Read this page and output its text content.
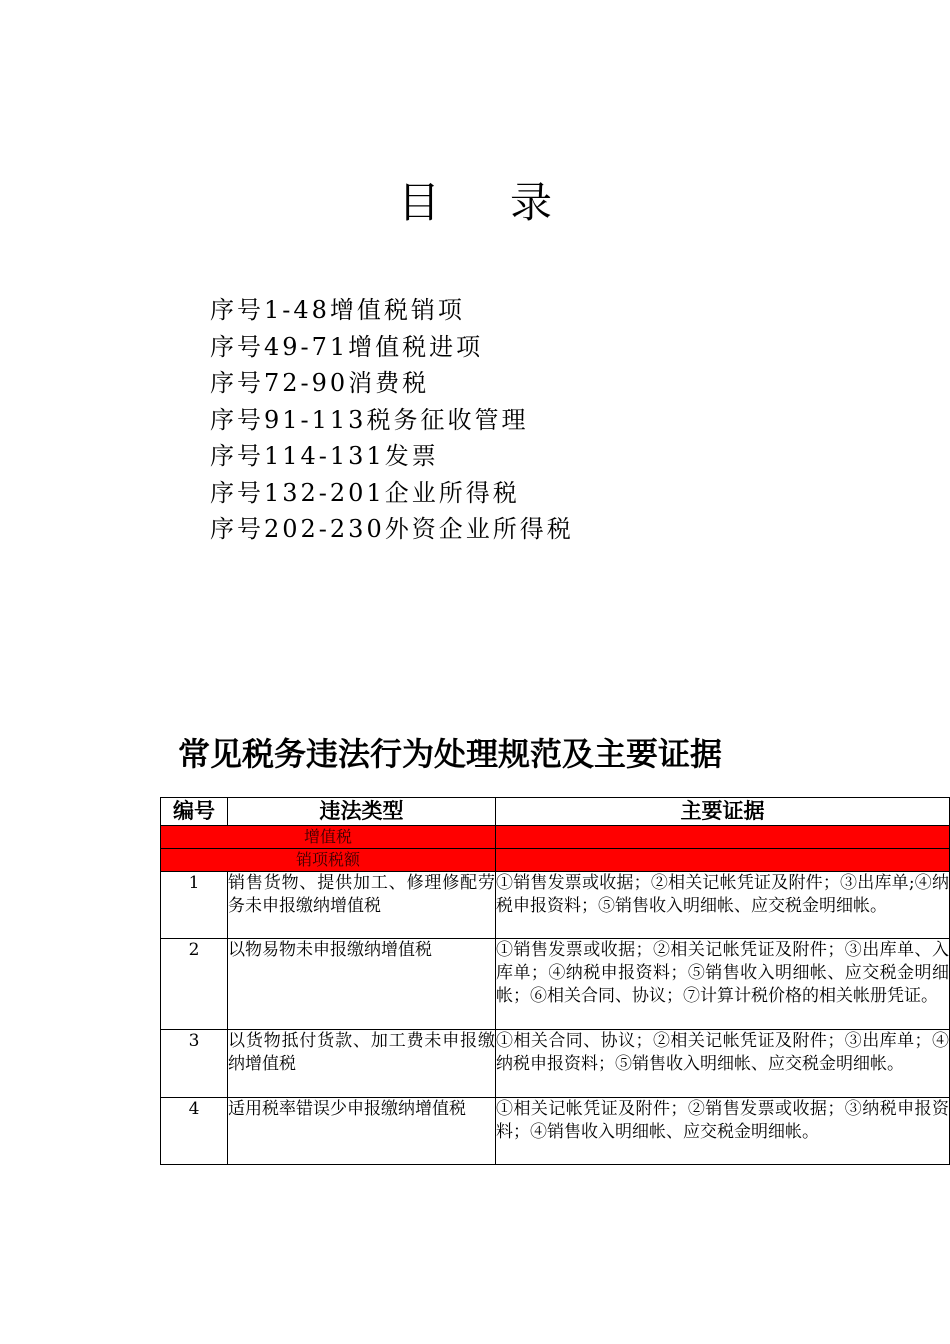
目录
序号1-48增值税销项
序号49-71增值税进项
序号72-90消费税
序号91-113税务征收管理
序号114-131发票
序号132-201企业所得税
序号202-230外资企业所得税
常见税务违法行为处理规范及主要证据
编号	违法类型	主要证据
增值税		
销项税额		
1	销售货物、提供加工、修理修配劳务未申报缴纳增值税	①销售发票或收据；②相关记帐凭证及附件；③出库单;④纳税申报资料；⑤销售收入明细帐、应交税金明细帐。
2	以物易物未申报缴纳增值税	①销售发票或收据；②相关记帐凭证及附件；③出库单、入库单；④纳税申报资料；⑤销售收入明细帐、应交税金明细帐；⑥相关合同、协议；⑦计算计税价格的相关帐册凭证。
3	以货物抵付货款、加工费未申报缴纳增值税	①相关合同、协议；②相关记帐凭证及附件；③出库单；④纳税申报资料；⑤销售收入明细帐、应交税金明细帐。
4	适用税率错误少申报缴纳增值税	①相关记帐凭证及附件；②销售发票或收据；③纳税申报资料；④销售收入明细帐、应交税金明细帐。
